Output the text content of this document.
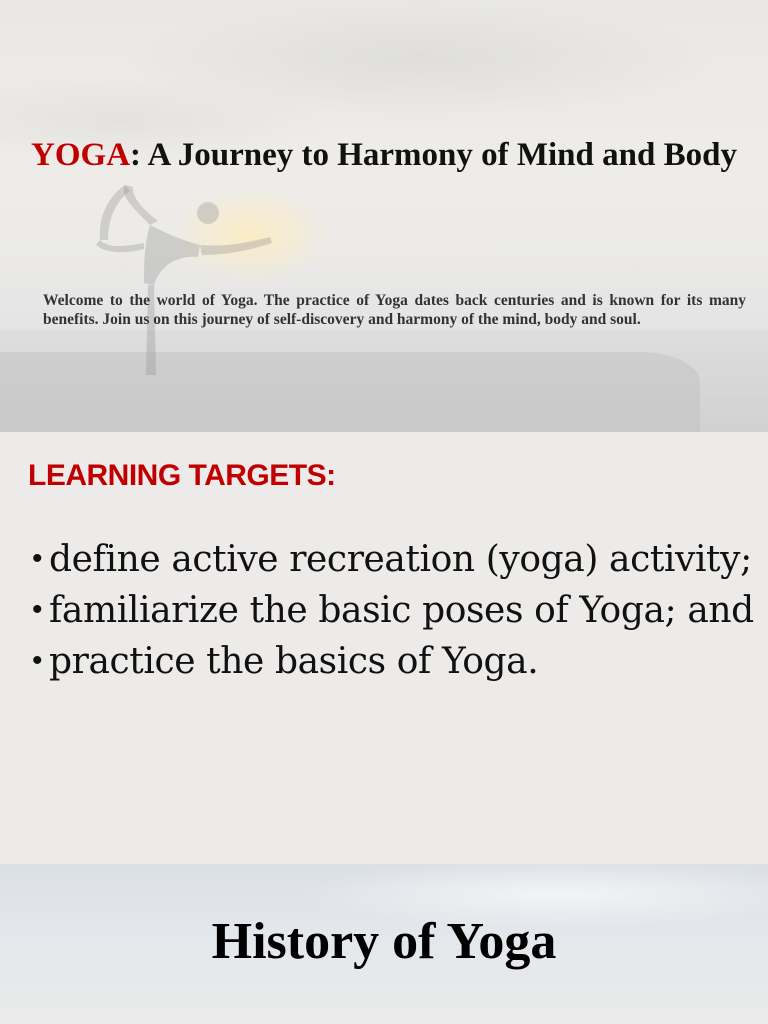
YOGA: A Journey to Harmony of Mind and Body

Welcome to the world of Yoga. The practice of Yoga dates back centuries and is known for its many benefits. Join us on this journey of self-discovery and harmony of the mind, body and soul.

LEARNING TARGETS:
• define active recreation (yoga) activity;
• familiarize the basic poses of Yoga; and
• practice the basics of Yoga.
History of Yoga
